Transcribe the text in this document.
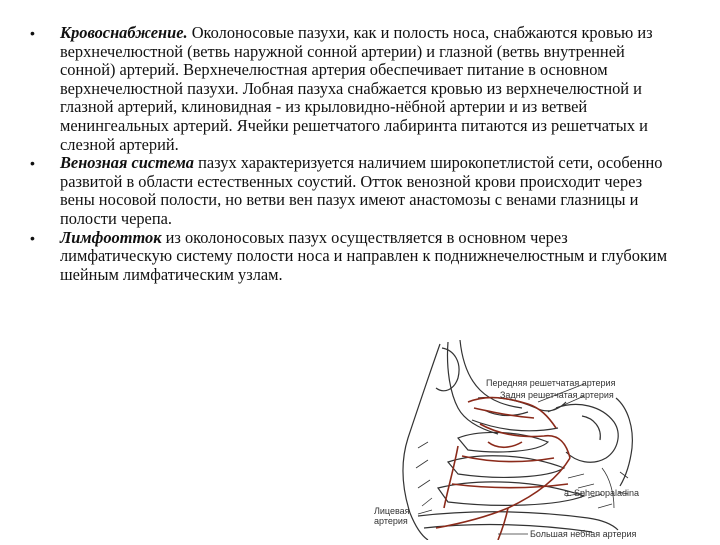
• Кровоснабжение. Околоносовые пазухи, как и полость носа, снабжаются кровью из верхнечелюстной (ветвь наружной сонной артерии) и глазной (ветвь внутренней сонной) артерий. Верхнечелюстная артерия обеспечивает питание в основном верхнечелюстной пазухи. Лобная пазуха снабжается кровью из верхнечелюстной и глазной артерий, клиновидная - из крыловидно-нёбной артерии и из ветвей менингеальных артерий. Ячейки решетчатого лабиринта питаются из решетчатых и слезной артерий.
• Венозная система пазух характеризуется наличием широкопетлистой сети, особенно развитой в области естественных соустий. Отток венозной крови происходит через вены носовой полости, но ветви вен пазух имеют анастомозы с венами глазницы и полости черепа.
• Лимфоотток из околоносовых пазух осуществляется в основном через лимфатическую систему полости носа и направлен к поднижнечелюстным и глубоким шейным лимфатическим узлам.
Передняя решетчатая артерия
Задня решетчатая артерия
a. Sphenopaladina
Лицевая
артерия
Большая небная артерия
